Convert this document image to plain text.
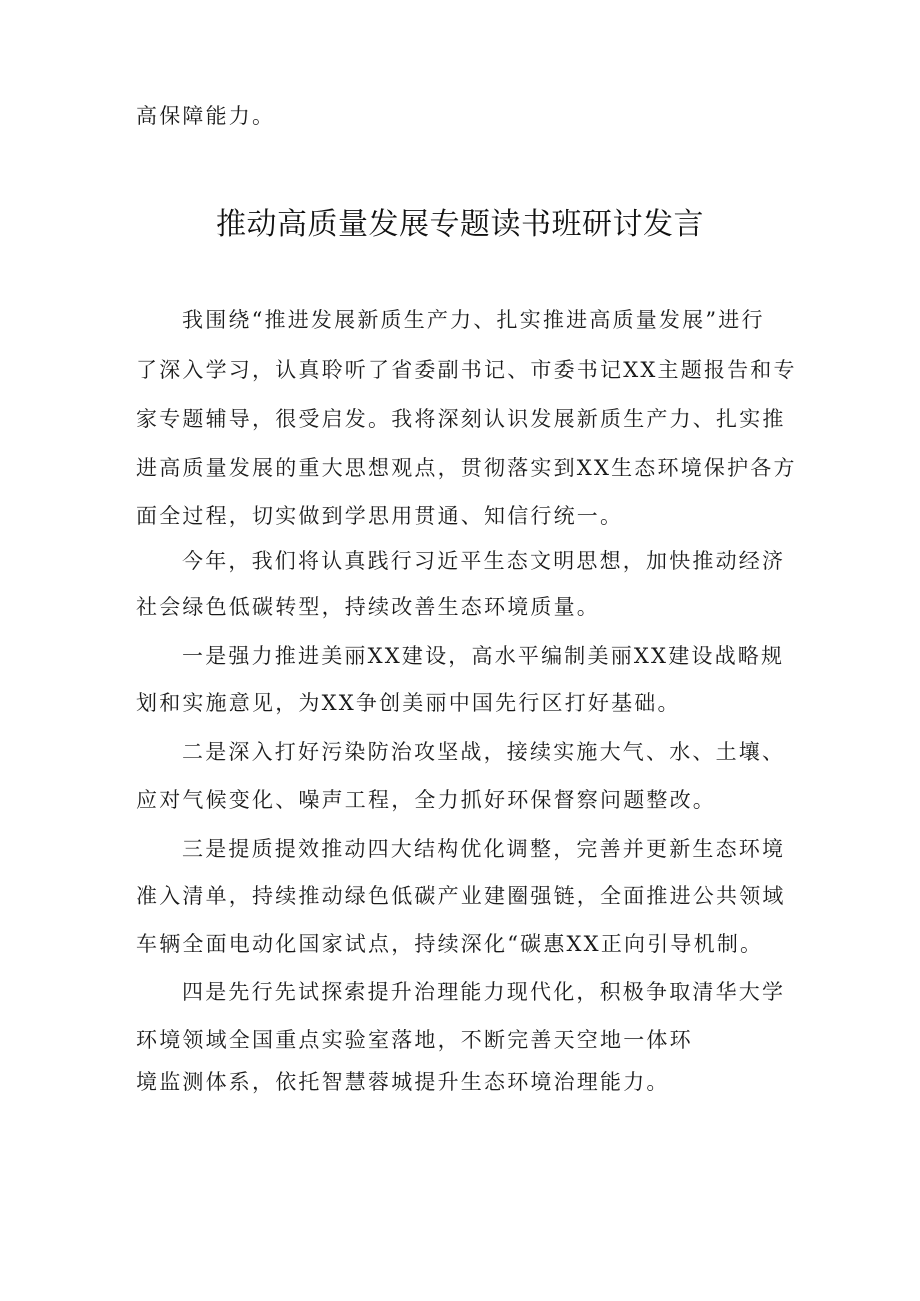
高保障能力。
推动高质量发展专题读书班研讨发言
我围绕“推进发展新质生产力、扎实推进高质量发展”进行
了深入学习，认真聆听了省委副书记、市委书记XX主题报告和专
家专题辅导，很受启发。我将深刻认识发展新质生产力、扎实推
进高质量发展的重大思想观点，贯彻落实到XX生态环境保护各方
面全过程，切实做到学思用贯通、知信行统一。
今年，我们将认真践行习近平生态文明思想，加快推动经济
社会绿色低碳转型，持续改善生态环境质量。
一是强力推进美丽XX建设，高水平编制美丽XX建设战略规
划和实施意见，为XX争创美丽中国先行区打好基础。
二是深入打好污染防治攻坚战，接续实施大气、水、土壤、
应对气候变化、噪声工程，全力抓好环保督察问题整改。
三是提质提效推动四大结构优化调整，完善并更新生态环境
准入清单，持续推动绿色低碳产业建圈强链，全面推进公共领域
车辆全面电动化国家试点，持续深化“碳惠XX正向引导机制。
四是先行先试探索提升治理能力现代化，积极争取清华大学
环境领域全国重点实验室落地，不断完善天空地一体环
境监测体系，依托智慧蓉城提升生态环境治理能力。
